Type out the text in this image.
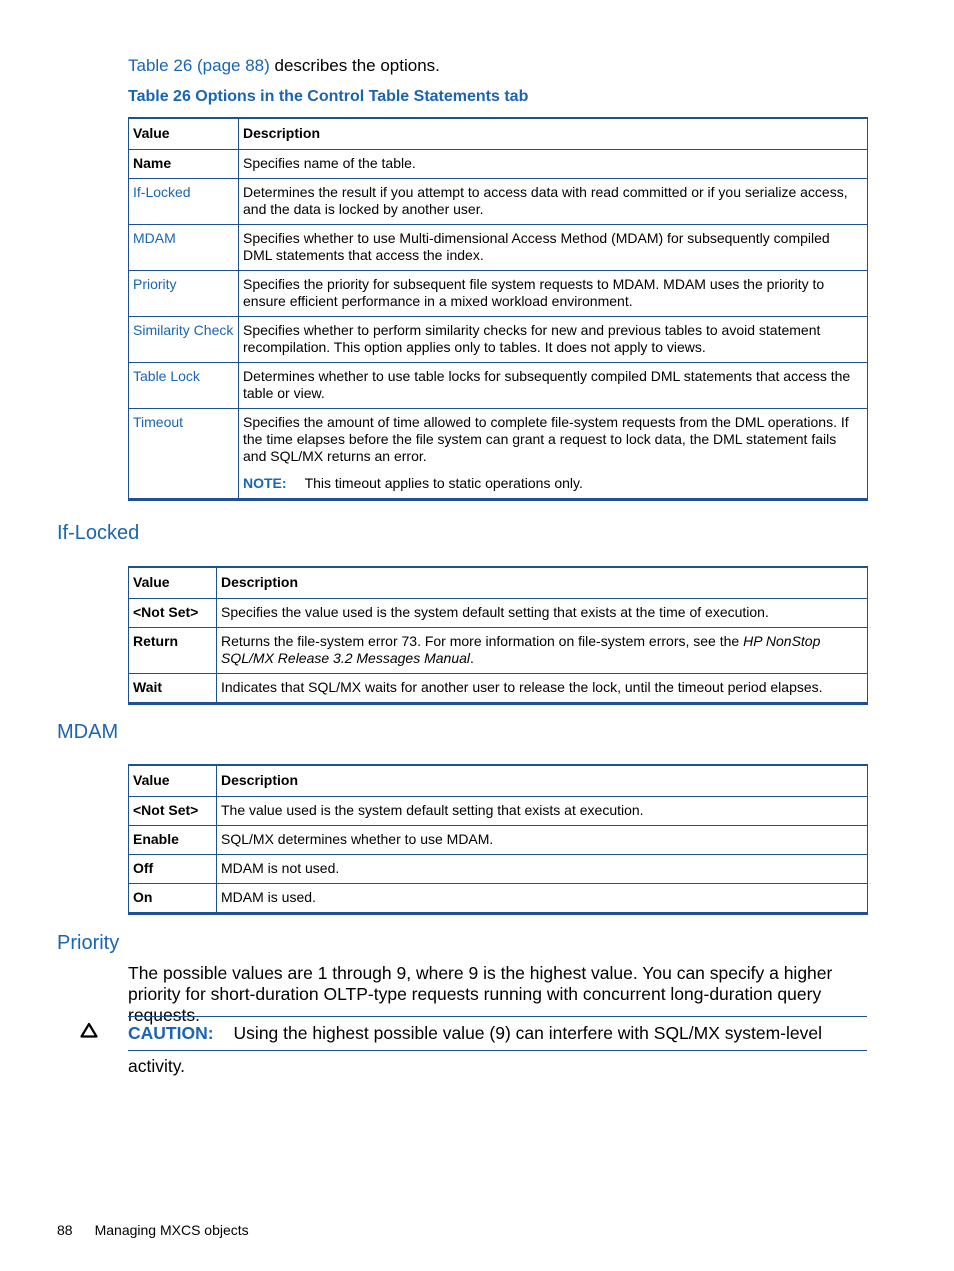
Table 26 (page 88) describes the options.
Table 26 Options in the Control Table Statements tab
Value	Description
Name	Specifies name of the table.
If-Locked	Determines the result if you attempt to access data with read committed or if you serialize access, and the data is locked by another user.
MDAM	Specifies whether to use Multi-dimensional Access Method (MDAM) for subsequently compiled DML statements that access the index.
Priority	Specifies the priority for subsequent file system requests to MDAM. MDAM uses the priority to ensure efficient performance in a mixed workload environment.
Similarity Check	Specifies whether to perform similarity checks for new and previous tables to avoid statement recompilation. This option applies only to tables. It does not apply to views.
Table Lock	Determines whether to use table locks for subsequently compiled DML statements that access the table or view.
Timeout	Specifies the amount of time allowed to complete file-system requests from the DML operations. If the time elapses before the file system can grant a request to lock data, the DML statement fails and SQL/MX returns an error.
NOTE: This timeout applies to static operations only.
If-Locked
Value	Description
<Not Set>	Specifies the value used is the system default setting that exists at the time of execution.
Return	Returns the file-system error 73. For more information on file-system errors, see the HP NonStop SQL/MX Release 3.2 Messages Manual.
Wait	Indicates that SQL/MX waits for another user to release the lock, until the timeout period elapses.
MDAM
Value	Description
<Not Set>	The value used is the system default setting that exists at execution.
Enable	SQL/MX determines whether to use MDAM.
Off	MDAM is not used.
On	MDAM is used.
Priority
The possible values are 1 through 9, where 9 is the highest value. You can specify a higher priority for short-duration OLTP-type requests running with concurrent long-duration query requests.
CAUTION: Using the highest possible value (9) can interfere with SQL/MX system-level activity.
88 Managing MXCS objects
